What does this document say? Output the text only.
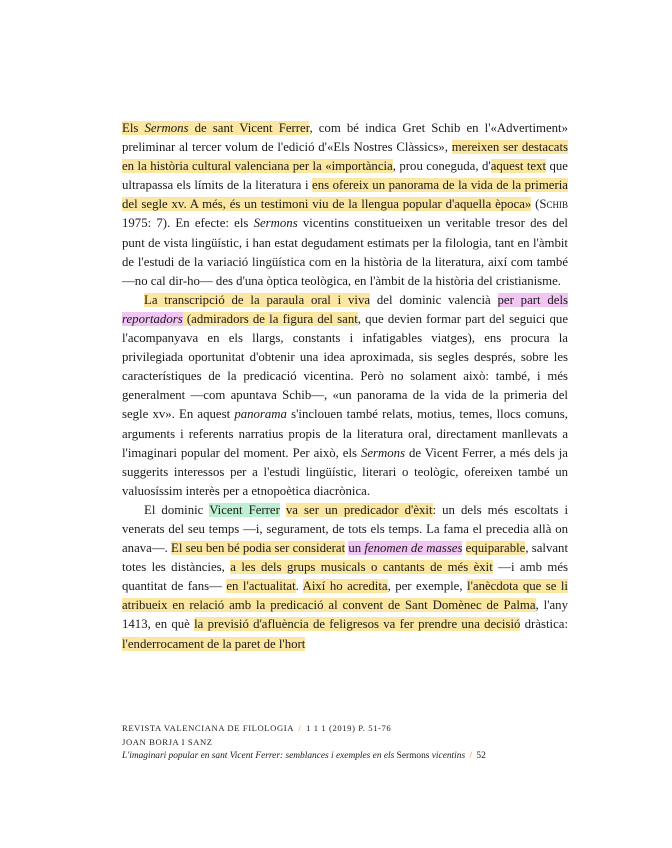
Els Sermons de sant Vicent Ferrer, com bé indica Gret Schib en l'«Advertiment» preliminar al tercer volum de l'edició d'«Els Nostres Clàssics», mereixen ser destacats en la història cultural valenciana per la «importància, prou coneguda, d'aquest text que ultrapassa els límits de la literatura i ens ofereix un panorama de la vida de la primeria del segle xv. A més, és un testimoni viu de la llengua popular d'aquella època» (Schib 1975: 7). En efecte: els Sermons vicentins constitueixen un veritable tresor des del punt de vista lingüístic, i han estat degudament estimats per la filologia, tant en l'àmbit de l'estudi de la variació lingüística com en la història de la literatura, així com també —no cal dir-ho— des d'una òptica teològica, en l'àmbit de la història del cristianisme.

La transcripció de la paraula oral i viva del dominic valencià per part dels reportadors (admiradors de la figura del sant, que devien formar part del seguici que l'acompanyava en els llargs, constants i infatigables viatges), ens procura la privilegiada oportunitat d'obtenir una idea aproximada, sis segles després, sobre les característiques de la predicació vicentina. Però no solament això: també, i més generalment —com apuntava Schib—, «un panorama de la vida de la primeria del segle xv». En aquest panorama s'inclouen també relats, motius, temes, llocs comuns, arguments i referents narratius propis de la literatura oral, directament manllevats a l'imaginari popular del moment. Per això, els Sermons de Vicent Ferrer, a més dels ja suggerits interessos per a l'estudi lingüístic, literari o teològic, ofereixen també un valuosíssim interès per a etnopoètica diacrònica.

El dominic Vicent Ferrer va ser un predicador d'èxit: un dels més escoltats i venerats del seu temps —i, segurament, de tots els temps. La fama el precedia allà on anava—. El seu ben bé podia ser considerat un fenomen de masses equiparable, salvant totes les distàncies, a les dels grups musicals o cantants de més èxit —i amb més quantitat de fans— en l'actualitat. Així ho acredita, per exemple, l'anècdota que se li atribueix en relació amb la predicació al convent de Sant Domènec de Palma, l'any 1413, en què la previsió d'afluència de feligresos va fer prendre una decisió dràstica: l'enderrocament de la paret de l'hort

REVISTA VALENCIANA DE FILOLOGIA / 1 1 1 (2019) P. 51-76
JOAN BORJA I SANZ
L'imaginari popular en sant Vicent Ferrer: semblances i exemples en els Sermons vicentins / 52
